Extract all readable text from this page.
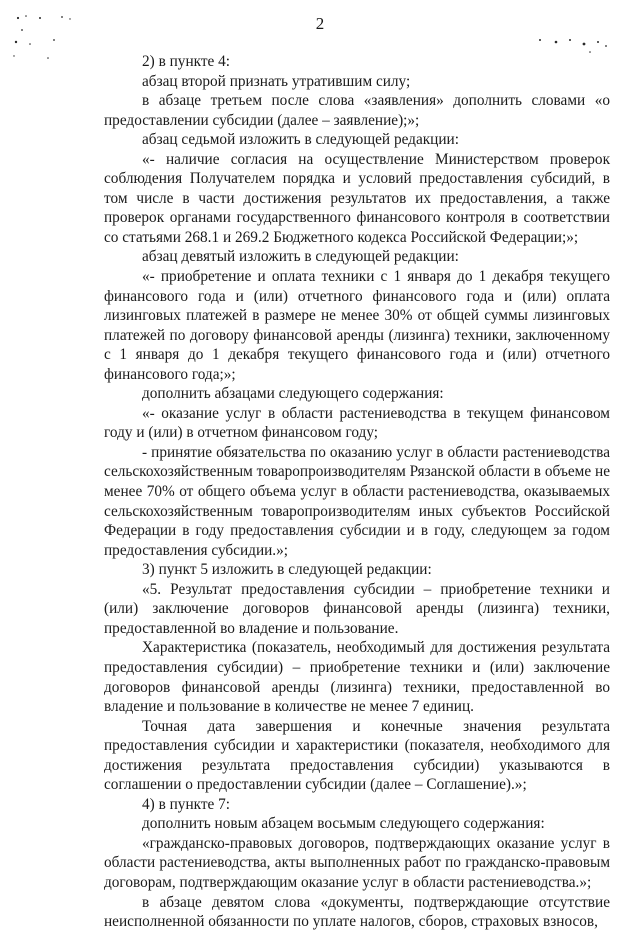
2

2) в пункте 4:

абзац второй признать утратившим силу;

в абзаце третьем после слова «заявления» дополнить словами «о предоставлении субсидии (далее – заявление);»;

абзац седьмой изложить в следующей редакции:

«- наличие согласия на осуществление Министерством проверок соблюдения Получателем порядка и условий предоставления субсидий, в том числе в части достижения результатов их предоставления, а также проверок органами государственного финансового контроля в соответствии со статьями 268.1 и 269.2 Бюджетного кодекса Российской Федерации;»;

абзац девятый изложить в следующей редакции:

«- приобретение и оплата техники с 1 января до 1 декабря текущего финансового года и (или) отчетного финансового года и (или) оплата лизинговых платежей в размере не менее 30% от общей суммы лизинговых платежей по договору финансовой аренды (лизинга) техники, заключенному с 1 января до 1 декабря текущего финансового года и (или) отчетного финансового года;»;

дополнить абзацами следующего содержания:

«- оказание услуг в области растениеводства в текущем финансовом году и (или) в отчетном финансовом году;

- принятие обязательства по оказанию услуг в области растениеводства сельскохозяйственным товаропроизводителям Рязанской области в объеме не менее 70% от общего объема услуг в области растениеводства, оказываемых сельскохозяйственным товаропроизводителям иных субъектов Российской Федерации в году предоставления субсидии и в году, следующем за годом предоставления субсидии.»;

3) пункт 5 изложить в следующей редакции:

«5. Результат предоставления субсидии – приобретение техники и (или) заключение договоров финансовой аренды (лизинга) техники, предоставленной во владение и пользование.

Характеристика (показатель, необходимый для достижения результата предоставления субсидии) – приобретение техники и (или) заключение договоров финансовой аренды (лизинга) техники, предоставленной во владение и пользование в количестве не менее 7 единиц.

Точная дата завершения и конечные значения результата предоставления субсидии и характеристики (показателя, необходимого для достижения результата предоставления субсидии) указываются в соглашении о предоставлении субсидии (далее – Соглашение).»;

4) в пункте 7:

дополнить новым абзацем восьмым следующего содержания:

«гражданско-правовых договоров, подтверждающих оказание услуг в области растениеводства, акты выполненных работ по гражданско-правовым договорам, подтверждающим оказание услуг в области растениеводства.»;

в абзаце девятом слова «документы, подтверждающие отсутствие неисполненной обязанности по уплате налогов, сборов, страховых взносов,
